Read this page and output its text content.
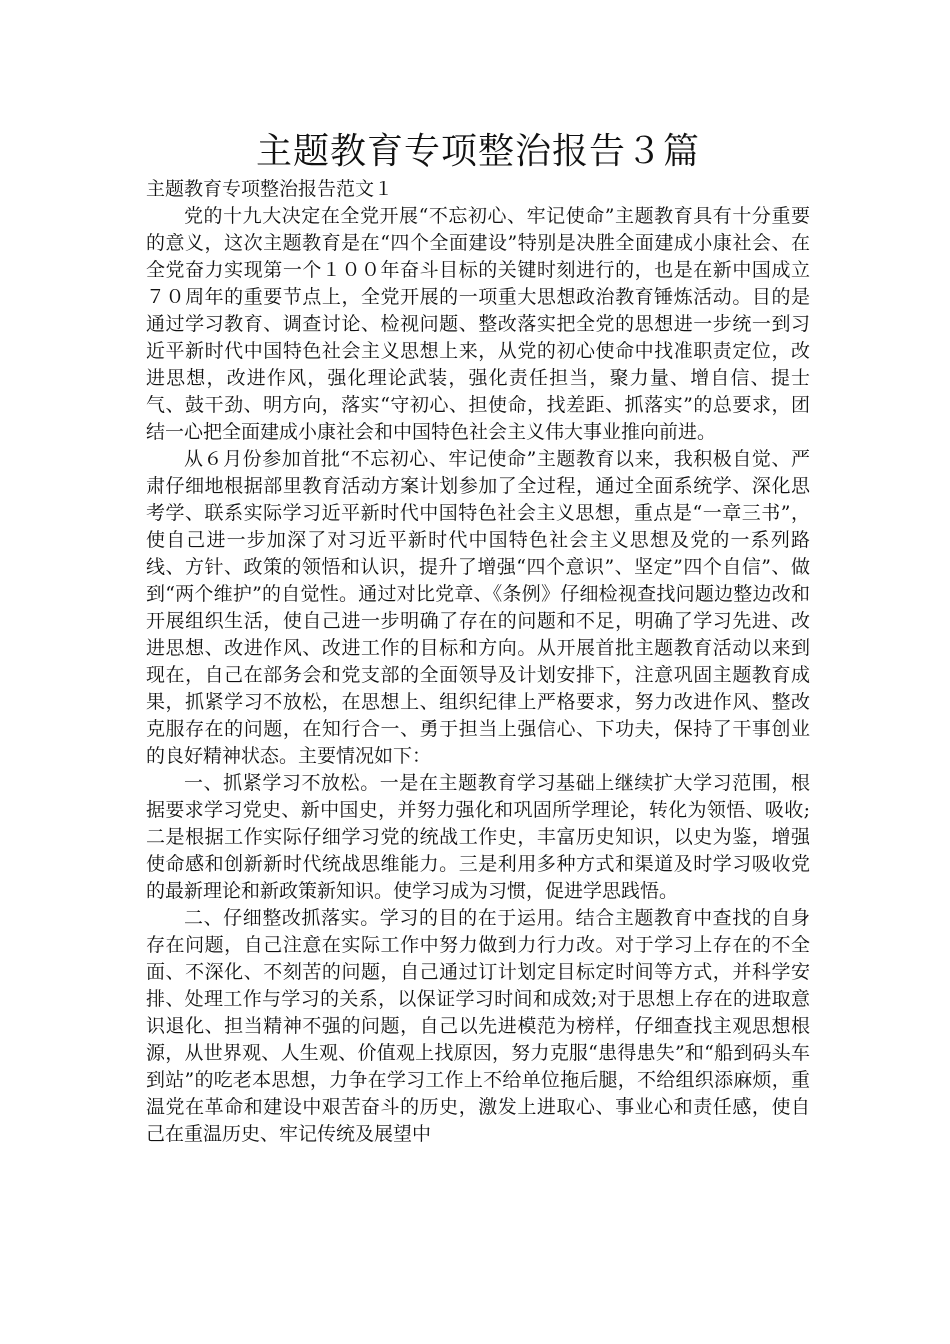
主题教育专项整治报告３篇

主题教育专项整治报告范文１

党的十九大决定在全党开展“不忘初心、牢记使命”主题教育具有十分重要的意义，这次主题教育是在“四个全面建设”特别是决胜全面建成小康社会、在全党奋力实现第一个１００年奋斗目标的关键时刻进行的，也是在新中国成立７０周年的重要节点上，全党开展的一项重大思想政治教育锤炼活动。目的是通过学习教育、调查讨论、检视问题、整改落实把全党的思想进一步统一到习近平新时代中国特色社会主义思想上来，从党的初心使命中找准职责定位，改进思想，改进作风，强化理论武装，强化责任担当，聚力量、增自信、提士气、鼓干劲、明方向，落实“守初心、担使命，找差距、抓落实”的总要求，团结一心把全面建成小康社会和中国特色社会主义伟大事业推向前进。

从６月份参加首批“不忘初心、牢记使命”主题教育以来，我积极自觉、严肃仔细地根据部里教育活动方案计划参加了全过程，通过全面系统学、深化思考学、联系实际学习近平新时代中国特色社会主义思想，重点是“一章三书”，使自己进一步加深了对习近平新时代中国特色社会主义思想及党的一系列路线、方针、政策的领悟和认识，提升了增强“四个意识”、坚定”四个自信”、做到“两个维护”的自觉性。通过对比党章、《条例》仔细检视查找问题边整边改和开展组织生活，使自己进一步明确了存在的问题和不足，明确了学习先进、改进思想、改进作风、改进工作的目标和方向。从开展首批主题教育活动以来到现在，自己在部务会和党支部的全面领导及计划安排下，注意巩固主题教育成果，抓紧学习不放松，在思想上、组织纪律上严格要求，努力改进作风、整改克服存在的问题，在知行合一、勇于担当上强信心、下功夫，保持了干事创业的良好精神状态。主要情况如下：

一、抓紧学习不放松。一是在主题教育学习基础上继续扩大学习范围，根据要求学习党史、新中国史，并努力强化和巩固所学理论，转化为领悟、吸收;二是根据工作实际仔细学习党的统战工作史，丰富历史知识，以史为鉴，增强使命感和创新新时代统战思维能力。三是利用多种方式和渠道及时学习吸收党的最新理论和新政策新知识。使学习成为习惯，促进学思践悟。

二、仔细整改抓落实。学习的目的在于运用。结合主题教育中查找的自身存在问题，自己注意在实际工作中努力做到力行力改。对于学习上存在的不全面、不深化、不刻苦的问题，自己通过订计划定目标定时间等方式，并科学安排、处理工作与学习的关系，以保证学习时间和成效;对于思想上存在的进取意识退化、担当精神不强的问题，自己以先进模范为榜样，仔细查找主观思想根源，从世界观、人生观、价值观上找原因，努力克服“患得患失”和“船到码头车到站”的吃老本思想，力争在学习工作上不给单位拖后腿，不给组织添麻烦，重温党在革命和建设中艰苦奋斗的历史，激发上进取心、事业心和责任感，使自己在重温历史、牢记传统及展望中
